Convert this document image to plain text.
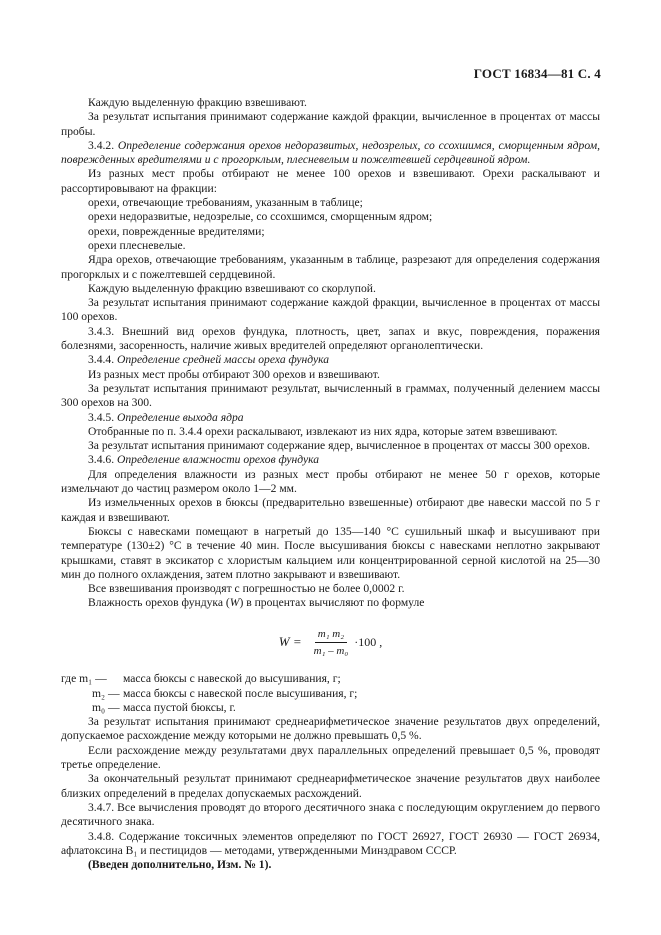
ГОСТ 16834—81 С. 4

Каждую выделенную фракцию взвешивают.

За результат испытания принимают содержание каждой фракции, вычисленное в процентах от массы пробы.

3.4.2. Определение содержания орехов недоразвитых, недозрелых, со ссохшимся, сморщенным ядром, поврежденных вредителями и с прогорклым, плесневелым и пожелтевшей сердцевиной ядром.

Из разных мест пробы отбирают не менее 100 орехов и взвешивают. Орехи раскалывают и рассортировывают на фракции:

орехи, отвечающие требованиям, указанным в таблице;

орехи недоразвитые, недозрелые, со ссохшимся, сморщенным ядром;

орехи, поврежденные вредителями;

орехи плесневелые.

Ядра орехов, отвечающие требованиям, указанным в таблице, разрезают для определения содержания прогорклых и с пожелтевшей сердцевиной.

Каждую выделенную фракцию взвешивают со скорлупой.

За результат испытания принимают содержание каждой фракции, вычисленное в процентах от массы 100 орехов.

3.4.3. Внешний вид орехов фундука, плотность, цвет, запах и вкус, повреждения, поражения болезнями, засоренность, наличие живых вредителей определяют органолептически.

3.4.4. Определение средней массы ореха фундука

Из разных мест пробы отбирают 300 орехов и взвешивают.

За результат испытания принимают результат, вычисленный в граммах, полученный делением массы 300 орехов на 300.

3.4.5. Определение выхода ядра

Отобранные по п. 3.4.4 орехи раскалывают, извлекают из них ядра, которые затем взвешивают.

За результат испытания принимают содержание ядер, вычисленное в процентах от массы 300 орехов.

3.4.6. Определение влажности орехов фундука

Для определения влажности из разных мест пробы отбирают не менее 50 г орехов, которые измельчают до частиц размером около 1—2 мм.

Из измельченных орехов в бюксы (предварительно взвешенные) отбирают две навески массой по 5 г каждая и взвешивают.

Бюксы с навесками помещают в нагретый до 135—140 °С сушильный шкаф и высушивают при температуре (130±2) °С в течение 40 мин. После высушивания бюксы с навесками неплотно закрывают крышками, ставят в эксикатор с хлористым кальцием или концентрированной серной кислотой на 25—30 мин до полного охлаждения, затем плотно закрывают и взвешивают.

Все взвешивания производят с погрешностью не более 0,0002 г.

Влажность орехов фундука (W) в процентах вычисляют по формуле

$W = \frac{\text{m₁ m₂}}{\text{m₁ – m₀}} \cdot 100$ ,
где m₁ —	масса бюксы с навеской до высушивания, г;
m₂ — масса бюксы с навеской после высушивания, г;
m₀ — масса пустой бюксы, г.

За результат испытания принимают среднеарифметическое значение результатов двух определений, допускаемое расхождение между которыми не должно превышать 0,5 %.

Если расхождение между результатами двух параллельных определений превышает 0,5 %, проводят третье определение.

За окончательный результат принимают среднеарифметическое значение результатов двух наиболее близких определений в пределах допускаемых расхождений.

3.4.7. Все вычисления проводят до второго десятичного знака с последующим округлением до первого десятичного знака.

3.4.8. Содержание токсичных элементов определяют по ГОСТ 26927, ГОСТ 26930 — ГОСТ 26934, афлатоксина В₁ и пестицидов — методами, утвержденными Минздравом СССР.

(Введен дополнительно, Изм. № 1).
